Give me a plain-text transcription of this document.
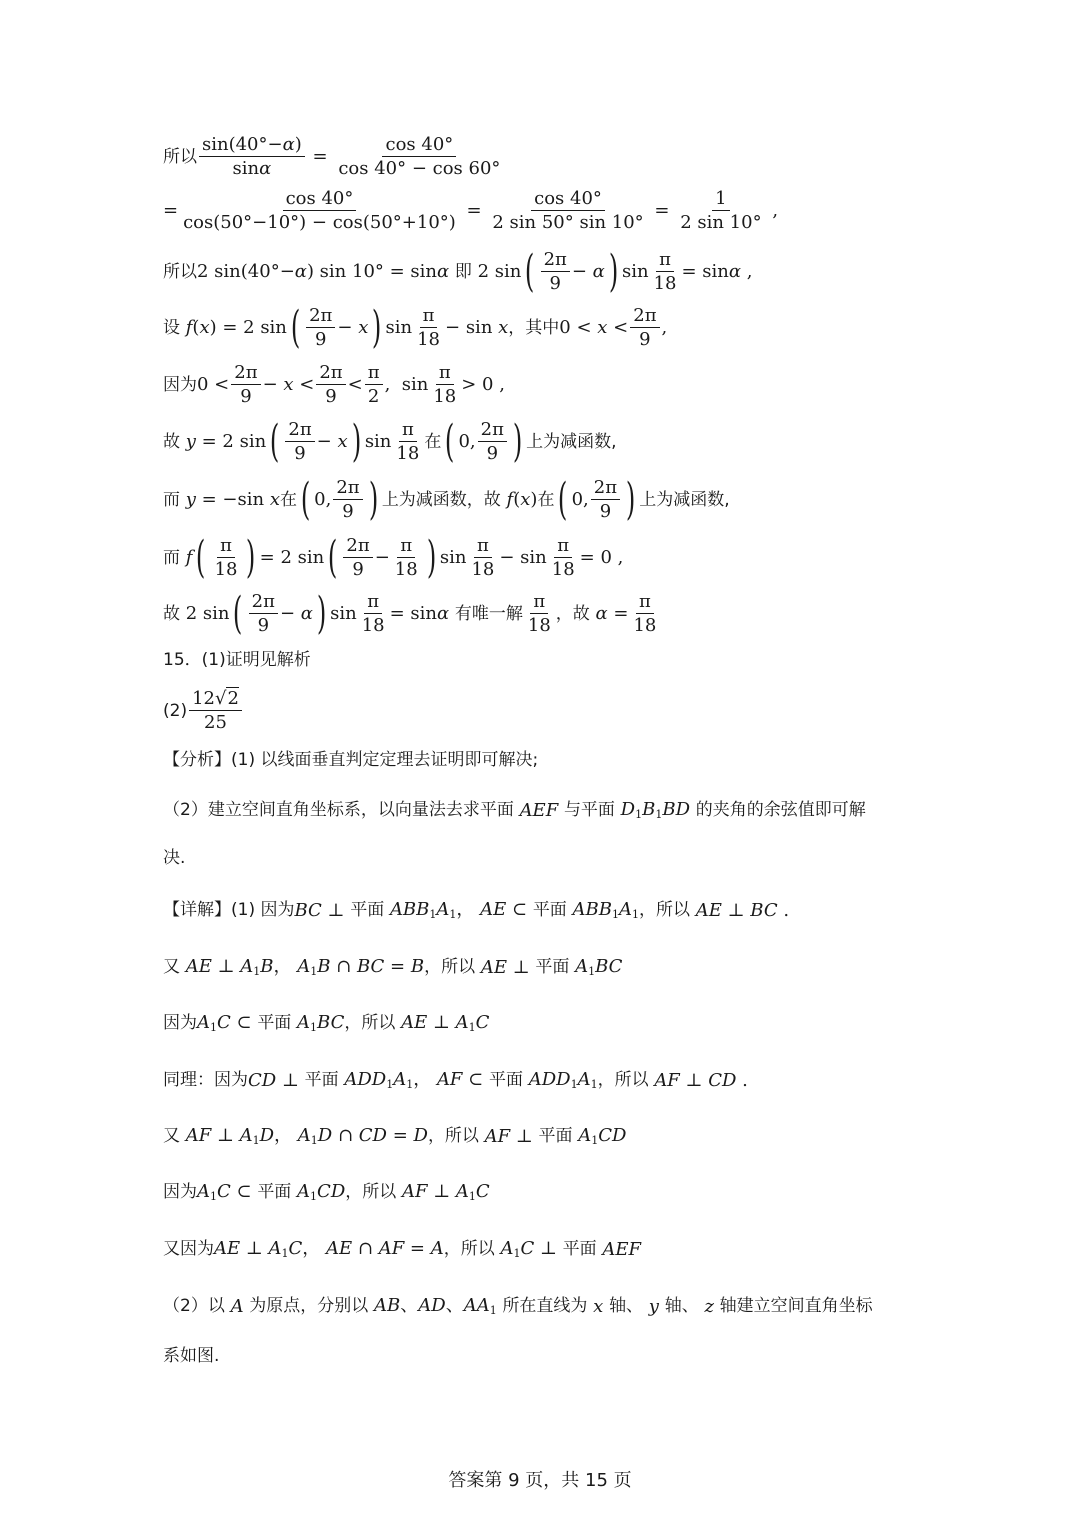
所以 $\frac{\sin(40^\circ-\alpha)}{\sin\alpha} = \frac{\cos 40^\circ}{\cos 40^\circ - \cos 60^\circ}$
= $\frac{\cos 40^\circ}{\cos(50^\circ-10^\circ) - \cos(50^\circ+10^\circ)} = \frac{\cos 40^\circ}{2 \sin 50^\circ \sin 10^\circ} = \frac{1}{2 \sin 10^\circ}$ ,
所以 2 sin(40°−α) sin 10° = sinα 即 2 sin ( $\frac{2\pi}{9} - \alpha$ ) $\sin \frac{\pi}{18} = \sin\alpha$ ,
设 f(x) = 2 sin ( $\frac{2\pi}{9} - x$ ) $\sin \frac{\pi}{18} - \sin x$ ，其中 $0 < x < \frac{2\pi}{9}$ ,
因为 $0 < \frac{2\pi}{9} - x < \frac{2\pi}{9} < \frac{\pi}{2}$ ,  $\sin \frac{\pi}{18} > 0$ ,
故 y = 2 sin ( $\frac{2\pi}{9} - x$ ) $\sin \frac{\pi}{18}$ 在 ( 0, $\frac{2\pi}{9}$ ) 上为减函数,
而 y = −sin x 在 ( 0, $\frac{2\pi}{9}$ ) 上为减函数，故 f(x) 在 ( 0, $\frac{2\pi}{9}$ ) 上为减函数,
而 f ( $\frac{\pi}{18}$ ) = 2 sin ( $\frac{2\pi}{9} - \frac{\pi}{18}$ ) $\sin \frac{\pi}{18} - \sin \frac{\pi}{18} = 0$ ,
故 2 sin ( $\frac{2\pi}{9} - \alpha$ ) $\sin \frac{\pi}{18} = \sin\alpha$ 有唯一解 $\frac{\pi}{18}$ ，故 $\alpha = \frac{\pi}{18}$
15．(1)证明见解析
$(2) \frac{12√2}{25}$
【分析】(1) 以线面垂直判定定理去证明即可解决;
（2）建立空间直角坐标系，以向量法去求平面 AEF 与平面 $D_1B_1BD$ 的夹角的余弦值即可解
决.
【详解】(1) 因为 BC ⊥ 平面 $ABB_1A_1$， AE ⊂ 平面 $ABB_1A_1$ ，所以 AE ⊥ BC .
又 AE ⊥ $A_1B$， $A_1B$ ∩ BC = B ，所以 AE ⊥ 平面 $A_1BC$
因为 $A_1C$ ⊂ 平面 $A_1BC$ ，所以 AE ⊥ $A_1C$
同理：因为 CD ⊥ 平面 $ADD_1A_1$， AF ⊂ 平面 $ADD_1A_1$ ，所以 AF ⊥ CD .
又 AF ⊥ $A_1D$， $A_1D$ ∩ CD = D ，所以 AF ⊥ 平面 $A_1CD$
因为 $A_1C$ ⊂ 平面 $A_1CD$ ，所以 AF ⊥ $A_1C$
又因为 AE ⊥ $A_1C$， AE ∩ AF = A ，所以 $A_1C$ ⊥ 平面 AEF
（2）以 A 为原点，分别以 AB、AD、$AA_1$ 所在直线为 x 轴、 y 轴、 z 轴建立空间直角坐标
系如图.
答案第 9 页，共 15 页
